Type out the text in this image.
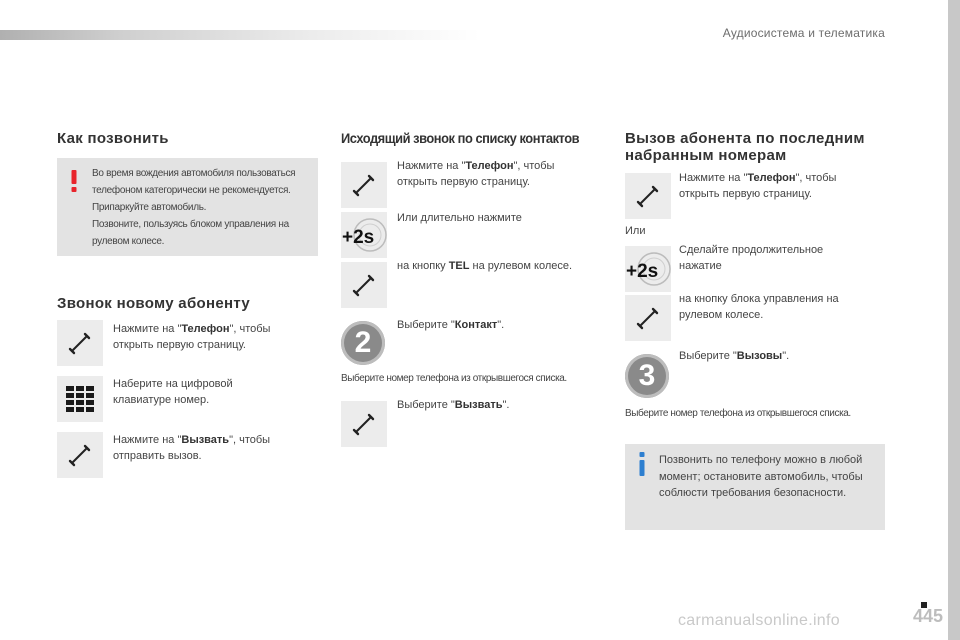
Аудиосистема и телематика
Как позвонить
Во время вождения автомобиля пользоваться
телефоном категорически не рекомендуется.
Припаркуйте автомобиль.
Позвоните, пользуясь блоком управления на
рулевом колесе.
Звонок новому абоненту
Нажмите на "Телефон", чтобы открыть первую страницу.
Наберите на цифровой клавиатуре номер.
Нажмите на "Вызвать", чтобы отправить вызов.
Исходящий звонок по списку контактов
Нажмите на "Телефон", чтобы открыть первую страницу.
Или длительно нажмите
+2s
на кнопку TEL на рулевом колесе.
2
Выберите "Контакт".
Выберите номер телефона из открывшегося списка.
Выберите "Вызвать".
Вызов абонента по последним
набранным номерам
Нажмите на "Телефон", чтобы открыть первую страницу.
Или
Сделайте продолжительное нажатие
+2s
на кнопку блока управления на рулевом колесе.
3
Выберите "Вызовы".
Выберите номер телефона из открывшегося списка.
Позвонить по телефону можно в любой момент; остановите автомобиль, чтобы соблюсти требования безопасности.
445
carmanualsonline.info
